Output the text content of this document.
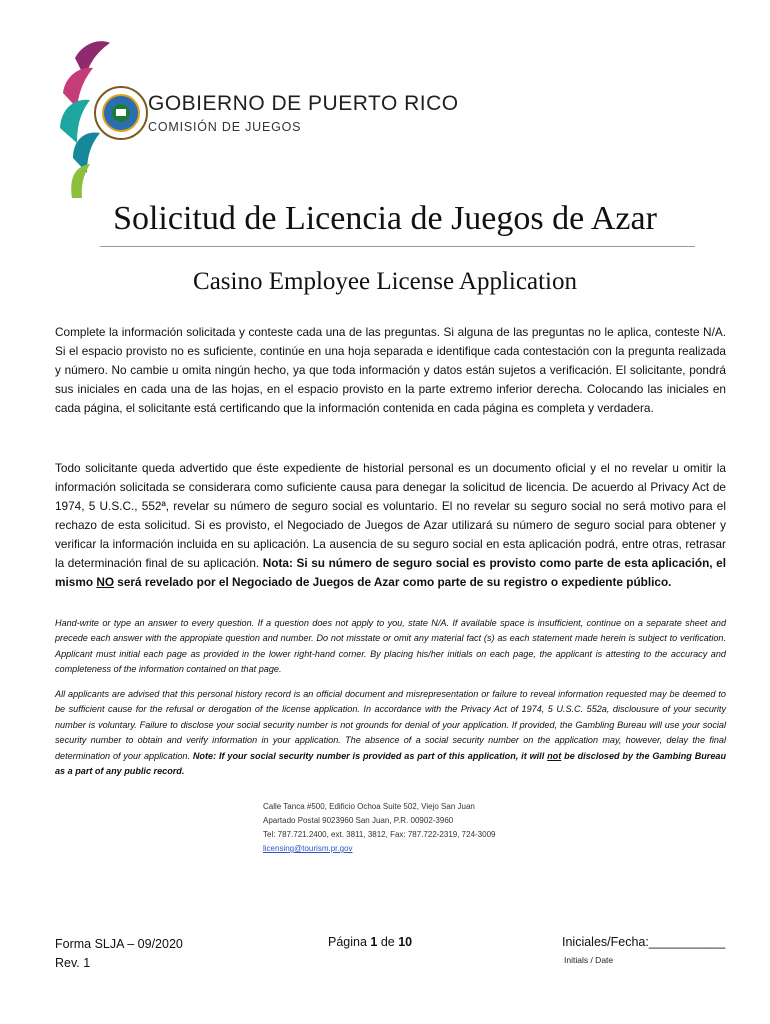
GOBIERNO DE PUERTO RICO
COMISIÓN DE JUEGOS
Solicitud de Licencia de Juegos de Azar
Casino Employee License Application
Complete la información solicitada y conteste cada una de las preguntas. Si alguna de las preguntas no le aplica, conteste N/A. Si el espacio provisto no es suficiente, continúe en una hoja separada e identifique cada contestación con la pregunta realizada y número. No cambie u omita ningún hecho, ya que toda información y datos están sujetos a verificación. El solicitante, pondrá sus iniciales en cada una de las hojas, en el espacio provisto en la parte extremo inferior derecha. Colocando las iniciales en cada página, el solicitante está certificando que la información contenida en cada página es completa y verdadera.
Todo solicitante queda advertido que éste expediente de historial personal es un documento oficial y el no revelar u omitir la información solicitada se considerara como suficiente causa para denegar la solicitud de licencia. De acuerdo al Privacy Act de 1974, 5 U.S.C., 552ª, revelar su número de seguro social es voluntario. El no revelar su seguro social no será motivo para el rechazo de esta solicitud. Si es provisto, el Negociado de Juegos de Azar utilizará su número de seguro social para obtener y verificar la información incluida en su aplicación. La ausencia de su seguro social en esta aplicación podrá, entre otras, retrasar la determinación final de su aplicación. Nota: Si su número de seguro social es provisto como parte de esta aplicación, el mismo NO será revelado por el Negociado de Juegos de Azar como parte de su registro o expediente público.
Hand-write or type an answer to every question. If a question does not apply to you, state N/A. If available space is insufficient, continue on a separate sheet and precede each answer with the appropiate question and number. Do not misstate or omit any material fact (s) as each statement made herein is subject to verification. Applicant must initial each page as provided in the lower right-hand corner. By placing his/her initials on each page, the applicant is attesting to the accuracy and completeness of the information contained on that page.
All applicants are advised that this personal history record is an official document and misrepresentation or failure to reveal information requested may be deemed to be sufficient cause for the refusal or derogation of the license application. In accordance with the Privacy Act of 1974, 5 U.S.C. 552a, disclousure of your security number is voluntary. Failure to disclose your social security number is not grounds for denial of your application. If provided, the Gambling Bureau will use your social security number to obtain and verify information in your application. The absence of a social security number on the application may, however, delay the final determination of your application. Note: If your social security number is provided as part of this application, it will not be disclosed by the Gambing Bureau as a part of any public record.
Calle Tanca #500, Edificio Ochoa Suite 502, Viejo San Juan
Apartado Postal 9023960 San Juan, P.R. 00902-3960
Tel: 787.721.2400, ext. 3811, 3812, Fax: 787.722-2319, 724-3009
licensing@tourism.pr.gov
Forma SLJA – 09/2020
Rev. 1
Página 1 de 10	Iniciales/Fecha:___________
Initials / Date
